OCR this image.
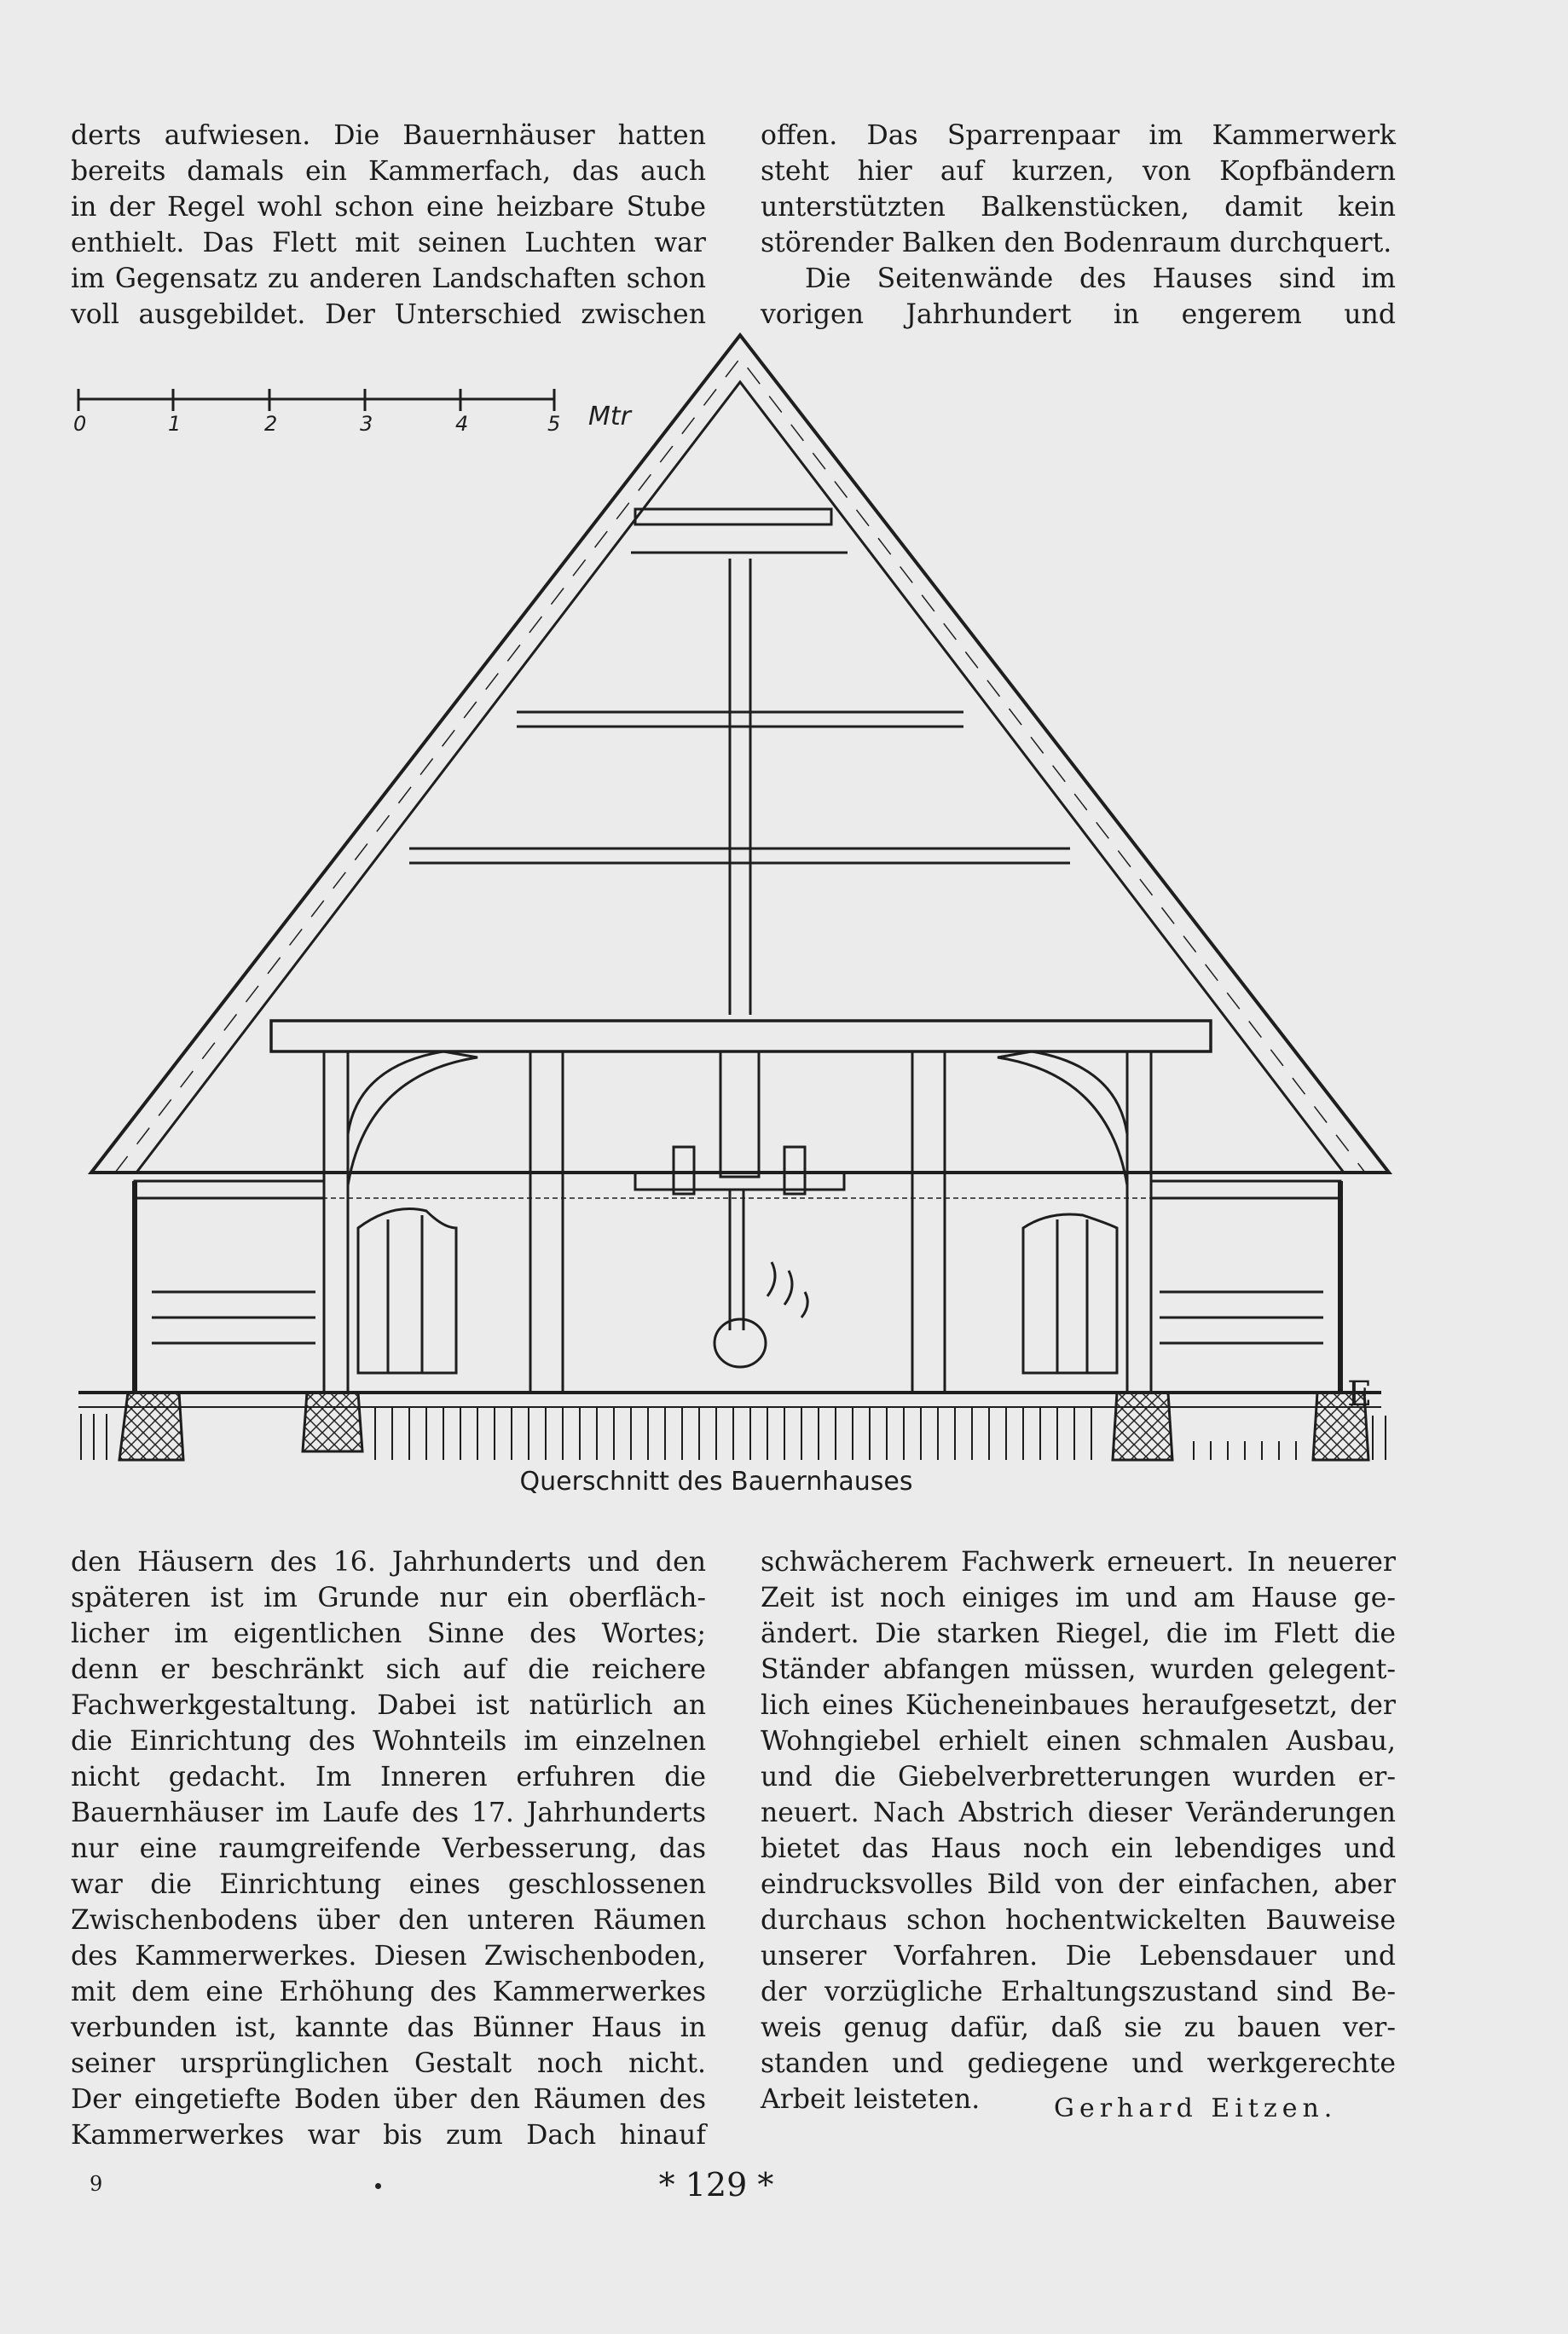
derts aufwiesen. Die Bauernhäuser hatten
bereits damals ein Kammerfach, das auch
in der Regel wohl schon eine heizbare Stube
enthielt. Das Flett mit seinen Luchten war
im Gegensatz zu anderen Landschaften schon
voll ausgebildet. Der Unterschied zwischen
offen. Das Sparrenpaar im Kammerwerk
steht hier auf kurzen, von Kopfbändern
unterstützten Balkenstücken, damit kein
störender Balken den Bodenraum durchquert.
Die Seitenwände des Hauses sind im
vorigen Jahrhundert in engerem und
0	1	2	3	4	5 Mtr
E
Querschnitt des Bauernhauses
den Häusern des 16. Jahrhunderts und den
späteren ist im Grunde nur ein oberfläch-
licher im eigentlichen Sinne des Wortes;
denn er beschränkt sich auf die reichere
Fachwerkgestaltung. Dabei ist natürlich an
die Einrichtung des Wohnteils im einzelnen
nicht gedacht. Im Inneren erfuhren die
Bauernhäuser im Laufe des 17. Jahrhunderts
nur eine raumgreifende Verbesserung, das
war die Einrichtung eines geschlossenen
Zwischenbodens über den unteren Räumen
des Kammerwerkes. Diesen Zwischenboden,
mit dem eine Erhöhung des Kammerwerkes
verbunden ist, kannte das Bünner Haus in
seiner ursprünglichen Gestalt noch nicht.
Der eingetiefte Boden über den Räumen des
Kammerwerkes war bis zum Dach hinauf
schwächerem Fachwerk erneuert. In neuerer
Zeit ist noch einiges im und am Hause ge-
ändert. Die starken Riegel, die im Flett die
Ständer abfangen müssen, wurden gelegent-
lich eines Kücheneinbaues heraufgesetzt, der
Wohngiebel erhielt einen schmalen Ausbau,
und die Giebelverbretterungen wurden er-
neuert. Nach Abstrich dieser Veränderungen
bietet das Haus noch ein lebendiges und
eindrucksvolles Bild von der einfachen, aber
durchaus schon hochentwickelten Bauweise
unserer Vorfahren. Die Lebensdauer und
der vorzügliche Erhaltungszustand sind Be-
weis genug dafür, daß sie zu bauen ver-
standen und gediegene und werkgerechte
Arbeit leisteten.	Gerhard Eitzen.
9	* 129 *
